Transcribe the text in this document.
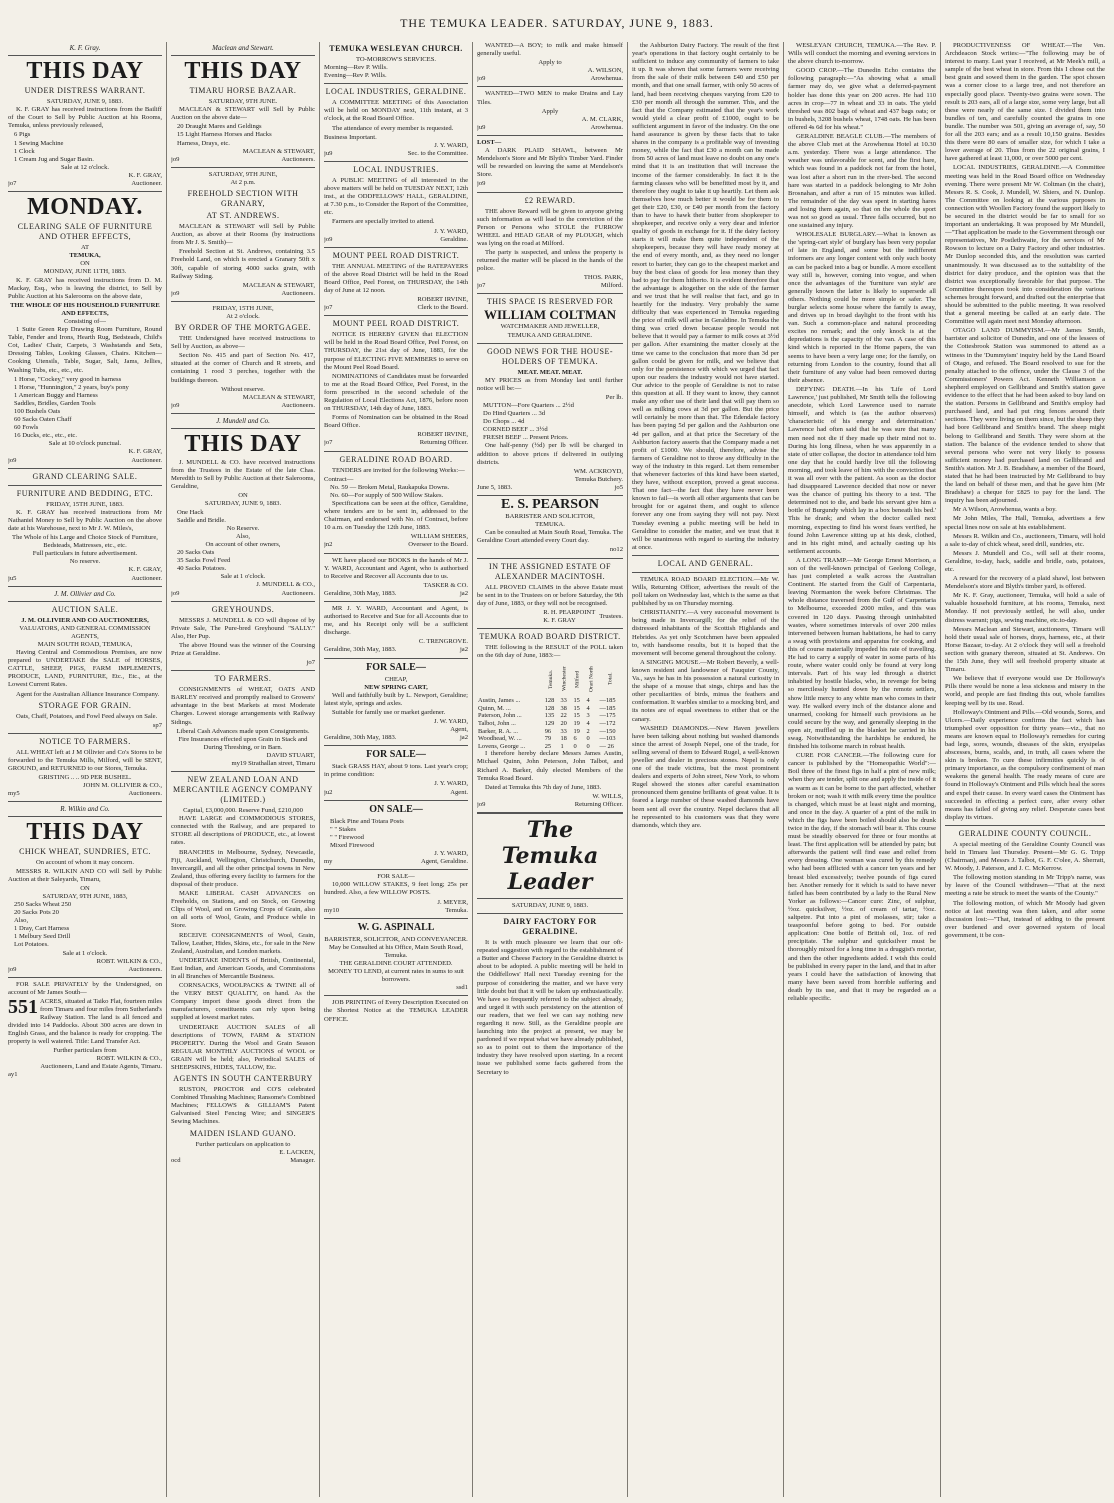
THE TEMUKA LEADER. SATURDAY, JUNE 9, 1883.
K. F. Gray.
THIS DAY
UNDER DISTRESS WARRANT.
SATURDAY, JUNE 9, 1883.

K. F. GRAY has received instructions from the Bailiff of the Court to Sell by Public Auction at his Rooms, Temuka, unless previously released,

6 Pigs
1 Sewing Machine
1 Clock
1 Cream Jug and Sugar Basin.
Sale at 12 o'clock.
K. F. GRAY,
jo7	Auctioneer.
MONDAY.
CLEARING SALE OF FURNITURE AND OTHER EFFECTS,
AT
TEMUKA,
ON
MONDAY, JUNE 11TH, 1883.

K. F. GRAY has received instructions from D. M. Mackay, Esq., who is leaving the district, to Sell by Public Auction at his Salerooms on the above date,

THE WHOLE OF HIS HOUSEHOLD FURNITURE AND EFFECTS,
Consisting of—

1 Suite Green Rep Drawing Room Furniture, Round Table, Fender and Irons, Hearth Rug, Bedsteads, Child's Cot, Ladies' Chair, Carpets, 3 Washstands and Sets, Dressing Tables, Looking Glasses, Chairs. Kitchen—Cooking Utensils, Table, Sugar, Salt, Jams, Jellies, Washing Tubs, etc., etc., etc.

1 Horse, "Cockey," very good in harness
1 Horse, "Hunnington," 2 years, buy's pony
1 American Buggy and Harness
Saddles, Bridles, Garden Tools
100 Bushels Oats
60 Sacks Oaten Chaff
60 Fowls
16 Ducks, etc., etc., etc.
Sale at 10 o'clock punctual.
K. F. GRAY,
jo9	Auctioneer.
GRAND CLEARING SALE.
FURNITURE AND BEDDING, ETC.
FRIDAY, 15TH JUNE, 1883.

K. F. GRAY has received instructions from Mr Nathaniel Money to Sell by Public Auction on the above date at his Warehouse, next to Mr J. W. Miles's,

The Whole of his Large and Choice Stock of Furniture, Bedsteads, Mattresses, etc., etc.
Full particulars in future advertisement.
No reserve.
K. F. GRAY,
ju5	Auctioneer.
J. M. Ollivier and Co.
AUCTION SALE.
J. M. OLLIVIER AND CO AUCTIONEERS,
VALUATORS, AND GENERAL COMMISSION AGENTS,
MAIN SOUTH ROAD, TEMUKA,

Having Central and Commodious Premises, are now prepared to UNDERTAKE the SALE of HORSES, CATTLE, SHEEP, PIGS, FARM IMPLEMENTS, PRODUCE, LAND, FURNITURE, Etc., Etc., at the Lowest Current Rates.

Agent for the Australian Alliance Insurance Company.

STORAGE FOR GRAIN.

Oats, Chaff, Potatoes, and Fowl Feed always on Sale.

sp7
NOTICE TO FARMERS.

ALL WHEAT left at J M Ollivier and Co's Stores to be forwarded to the Temuka Mills, Milford, will be SENT, GROUND, and RETURNED to our Stores, Temuka.

GRISTING .. .. 9D PER BUSHEL.
JOHN M. OLLIVIER & CO.,
my5	Auctioneers.
R. Wilkin and Co.
THIS DAY
CHICK WHEAT, SUNDRIES, ETC.
On account of whom it may concern.

MESSRS R. WILKIN AND CO will Sell by Public Auction at their Saleyards, Timaru,

ON
SATURDAY, 9TH JUNE, 1883,
250 Sacks Wheat 250
20 Sacks Pots 20
Also,
1 Dray, Cart Harness
1 Melbury Seed Drill
Lot Potatoes.
Sale at 1 o'clock.
ROBT. WILKIN & CO.,
jo9	Auctioneers.

FOR SALE PRIVATELY by the Undersigned, on account of Mr James South—

551 ACRES, situated at Taiko Flat, fourteen miles from Timaru and four miles from Sutherland's Railway Station. The land is all fenced and divided into 14 Paddocks. About 300 acres are down in English Grass, and the balance is ready for cropping. The property is well watered. Title: Land Transfer Act.
Further particulars from
ROBT. WILKIN & CO.,
Auctioneers, Land and Estate Agents, Timaru.
ay1
Maclean and Stewart.
THIS DAY
TIMARU HORSE BAZAAR.
SATURDAY, 9TH JUNE.

MACLEAN & STEWART will Sell by Public Auction on the above date—

20 Draught Mares and Geldings
15 Light Harness Horses and Hacks
Harness, Drays, etc.
MACLEAN & STEWART,
jo9	Auctioneers.
SATURDAY, 9TH JUNE,
At 2 p.m.
FREEHOLD SECTION WITH GRANARY,
AT ST. ANDREWS.

MACLEAN & STEWART will Sell by Public Auction, as above at their Rooms (by instructions from Mr J. S. Smith)—

Freehold Section at St. Andrews, containing 3.5 Freehold Land, on which is erected a Granary 50ft x 30ft, capable of storing 4000 sacks grain, with Railway Siding.

MACLEAN & STEWART,
jo9	Auctioneers.
FRIDAY, 15TH JUNE,
At 2 o'clock.
BY ORDER OF THE MORTGAGEE.

THE Undersigned have received instructions to Sell by Auction, as above—

Section No. 415 and part of Section No. 417, situated at the corner of Church and R streets, and containing 1 rood 3 perches, together with the buildings thereon.

Without reserve.
MACLEAN & STEWART,
jo9	Auctioneers.
J. Mundell and Co.
THIS DAY

J. MUNDELL & CO. have received instructions from the Trustees in the Estate of the late Chas. Meredith to Sell by Public Auction at their Salerooms, Geraldine,

ON
SATURDAY, JUNE 9, 1883.
One Hack
Saddle and Bridle.
No Reserve.
Also,
On account of other owners,
20 Sacks Oats
35 Sacks Fowl Feed
40 Sacks Potatoes.
Sale at 1 o'clock.
J. MUNDELL & CO.,
jo9	Auctioneers.
GREYHOUNDS.

MESSRS J. MUNDELL & CO will dispose of by Private Sale, The Pure-bred Greyhound "SALLY." Also, Her Pup.

The above Hound was the winner of the Coursing Prize at Geraldine.

jo7
TO FARMERS.

CONSIGNMENTS of WHEAT, OATS AND BARLEY received and promptly realised to Growers' advantage in the best Markets at most Moderate Charges. Lowest storage arrangements with Railway Sidings.

Liberal Cash Advances made upon Consignments.
Fire Insurances effected upon Grain in Stack and During Threshing, or in Barn.
DAVID STUART,
my19 Strathallan street, Timaru
NEW ZEALAND LOAN AND MERCANTILE AGENCY COMPANY (LIMITED.)
Capital, £3,000,000. Reserve Fund, £210,000

HAVE LARGE and COMMODIOUS STORES, connected with the Railway, and are prepared to STORE all descriptions of PRODUCE, etc., at lowest rates.

BRANCHES in Melbourne, Sydney, Newcastle, Fiji, Auckland, Wellington, Christchurch, Dunedin, Invercargill, and all the other principal towns in New Zealand, thus offering every facility to farmers for the disposal of their produce.

MAKE LIBERAL CASH ADVANCES on Freeholds, on Stations, and on Stock, on Growing Clips of Wool, and on Growing Crops of Grain, also on all sorts of Wool, Grain, and Produce while in Store.

RECEIVE CONSIGNMENTS of Wool, Grain, Tallow, Leather, Hides, Skins, etc., for sale in the New Zealand, Australian, and London markets.

UNDERTAKE INDENTS of British, Continental, East Indian, and American Goods, and Commissions in all Branches of Mercantile Business.

CORNSACKS, WOOLPACKS & TWINE all of the VERY BEST QUALITY, on hand. As the Company import these goods direct from the manufacturers, constituents can rely upon being supplied at lowest market rates.

UNDERTAKE AUCTION SALES of all descriptions of TOWN, FARM & STATION PROPERTY. During the Wool and Grain Season REGULAR MONTHLY AUCTIONS of WOOL or GRAIN will be held; also, Periodical SALES of SHEEPSKINS, HIDES, TALLOW, Etc.

AGENTS IN SOUTH CANTERBURY

RUSTON, PROCTOR and CO'S celebrated Combined Thrashing Machines; Ransome's Combined Machines; FELLOWS & GILLIAM'S Patent Galvanised Steel Fencing Wire; and SINGER'S Sewing Machines.

MAIDEN ISLAND GUANO.
Further particulars on application to
E. LACKEN,
ocd	Manager.
TEMUKA WESLEYAN CHURCH.
TO-MORROW'S SERVICES.
Morning—Rev P. Wills.
Evening—Rev P. Wills.
LOCAL INDUSTRIES, GERALDINE.

A COMMITTEE MEETING of this Association will be held on MONDAY next, 11th instant, at 3 o'clock, at the Road Board Office.

The attendance of every member is requested.

Business Important.
J. Y. WARD,
ju9	Sec. to the Committee.
LOCAL INDUSTRIES.

A PUBLIC MEETING of all interested in the above matters will be held on TUESDAY NEXT, 12th inst., at the ODDFELLOWS' HALL, GERALDINE, at 7.30 p.m., to Consider the Report of the Committee, etc.

Farmers are specially invited to attend.

J. Y. WARD,
jo9	Geraldine.
MOUNT PEEL ROAD DISTRICT.

THE ANNUAL MEETING of the RATEPAYERS of the above Road District will be held in the Road Board Office, Peel Forest, on THURSDAY, the 14th day of June at 12 noon.

ROBERT IRVINE,
jo7	Clerk to the Board.
MOUNT PEEL ROAD DISTRICT.

NOTICE IS HEREBY GIVEN that ELECTION will be held in the Road Board Office, Peel Forest, on THURSDAY, the 21st day of June, 1883, for the purpose of ELECTING FIVE MEMBERS to serve on the Mount Peel Road Board.

NOMINATIONS of Candidates must be forwarded to me at the Road Board Office, Peel Forest, in the form prescribed in the second schedule of the Regulation of Local Elections Act, 1876, before noon on THURSDAY, 14th day of June, 1883.

Forms of Nomination can be obtained in the Road Board Office.

ROBERT IRVINE,
jo7	Returning Officer.
GERALDINE ROAD BOARD.

TENDERS are invited for the following Works:—

Contract—
No. 59 — Broken Metal, Raukapuka Downs.
No. 60—For supply of 500 Willow Stakes.

Specifications can be seen at the office, Geraldine, where tenders are to be sent in, addressed to the Chairman, and endorsed with No. of Contract, before 10 a.m. on Tuesday the 12th June, 1883.

WILLIAM SHEERS,
jn2	Overseer to the Board.

WE have placed our BOOKS in the hands of Mr J. Y. WARD, Accountant and Agent, who is authorised to Receive and Recover all Accounts due to us.

TASKER & CO.
Geraldine, 30th May, 1883.	ja2

MR J. Y. WARD, Accountant and Agent, is authorised to Receive and Sue for all Accounts due to me, and his Receipt only will be a sufficient discharge.

C. TRENGROVE.
Geraldine, 30th May, 1883.	ja2
FOR SALE—
CHEAP,
NEW SPRING CART,

Well and faithfully built by L. Newport, Geraldine; latest style, springs and axles.

Suitable for family use or market gardener.

J. W. YARD,
Agent,
Geraldine, 30th May, 1883.	ja2
FOR SALE—

Stack GRASS HAY, about 9 tons. Last year's crop; in prime condition:

J. Y. WARD,
ju2	Agent.
ON SALE—
Black Pine and Totara Posts
" " Stakes
" " Firewood
Mixed Firewood
J. Y. WARD,
my	Agent, Geraldine.
FOR SALE—

10,000 WILLOW STAKES, 9 feet long; 25s per hundred. Also, a few WILLOW POSTS.

J. MEYER,
my10	Temuka.
W. G. ASPINALL
BARRISTER, SOLICITOR, AND CONVEYANCER.
May be Consulted at his Office, Main South Road, Temuka.
THE GERALDINE COURT ATTENDED.
MONEY TO LEND, at current rates in sums to suit borrowers.
ssd1

JOB PRINTING of Every Description Executed on the Shortest Notice at the TEMUKA LEADER OFFICE.

WANTED—A BOY; to milk and make himself generally useful.

Apply to
A. WILSON,
jo9	Arowhenua.

WANTED—TWO MEN to make Drains and Lay Tiles.

Apply
A. M. CLARK,
ju9	Arowhenua.
LOST—

A DARK PLAID SHAWL, between Mr Mendelson's Store and Mr Blyth's Timber Yard. Finder will be rewarded on leaving the same at Mendelson's Store.

jo9
£2 REWARD.

THE above Reward will be given to anyone giving such information as will lead to the conviction of the Person or Persons who STOLE the FURROW WHEEL and HEAD GEAR of my PLOUGH, which was lying on the road at Milford.

The party is suspected, and unless the property is returned the matter will be placed in the hands of the police.

THOS. PARK,
jo7	Milford.
THIS SPACE IS RESERVED FOR
WILLIAM COLTMAN
WATCHMAKER AND JEWELLER,
TEMUKA AND GERALDINE.
GOOD NEWS FOR THE HOUSE-HOLDERS OF TEMUKA.
MEAT. MEAT. MEAT.

MY PRICES as from Monday last until further notice will be:—

Per lb.
MUTTON—Fore Quarters ... 2½d
Do Hind Quarters ... 3d
Do Chops ... 4d
CORNED BEEF ... 3½d
FRESH BEEF ... Present Prices.

One half-penny (½d) per lb will be charged in addition to above prices if delivered in outlying districts.

WM. ACKROYD,
Temuka Butchery.
June 5, 1883.	jo5
E. S. PEARSON
BARRISTER AND SOLICITOR,
TEMUKA.

Can be consulted at Main South Road, Temuka. The Geraldine Court attended every Court day.

no12
IN THE ASSIGNED ESTATE OF ALEXANDER MACINTOSH.

ALL PROVED CLAIMS in the above Estate must be sent in to the Trustees on or before Saturday, the 9th day of June, 1883, or they will not be recognised.

R. H. PEARPOINT
K. F. GRAY
Trustees.
TEMUKA ROAD BOARD DISTRICT.

THE following is the RESULT of the POLL taken on the 6th day of June, 1883:—

	Temuka.	Winchester	Milford	Orari North	Total.
Austin, James ...	128	33	15	4	—185
Quinn, M. ...	128	38	15	4	—185
Paterson, John ...	135	22	15	3	—175
Talbot, John ...	129	20	19	4	—172
Barker, R. A. ...	96	33	19	2	—150
Woodhead, W. ...	79	18	6	0	—103
Lovens, George ...	25	1	0	0	— 26

I therefore hereby declare Messrs James Austin, Michael Quinn, John Peterson, John Talbot, and Richard A. Barker, duly elected Members of the Temuka Road Board.

Dated at Temuka this 7th day of June, 1883.

W. WILLS,
jo9	Returning Officer.
The Temuka Leader
SATURDAY, JUNE 9, 1883.
DAIRY FACTORY FOR GERALDINE.

It is with much pleasure we learn that our oft-repeated suggestion with regard to the establishment of a Butter and Cheese Factory in the Geraldine district is about to be adopted. A public meeting will be held in the Oddfellows' Hall next Tuesday evening for the purpose of considering the matter, and we have very little doubt but that it will be taken up enthusiastically. We have so frequently referred to the subject already, and urged it with such persistency on the attention of our readers, that we feel we can say nothing new regarding it now. Still, as the Geraldine people are launching into the project at present, we may be pardoned if we repeat what we have already published, so as to point out to them the importance of the industry they have resolved upon starting. In a recent issue we published some facts gathered from the Secretary to

the Ashburton Dairy Factory. The result of the first year's operations in that factory ought certainly to be sufficient to induce any community of farmers to take it up. It was shown that some farmers were receiving from the sale of their milk between £40 and £50 per month, and that one small farmer, with only 50 acres of land, had been receiving cheques varying from £20 to £30 per month all through the summer. This, and the fact that the Company estimated that the year's work would yield a clear profit of £1000, ought to be sufficient argument in favor of the industry. On the one hand assurance is given by these facts that to take shares in the company is a profitable way of investing money, while the fact that £30 a month can be made from 50 acres of land must leave no doubt on any one's mind that it is an institution that will increase the income of the farmer considerably. In fact it is the farming classes who will be benefitted most by it, and therefore they ought to take it up heartily. Let them ask themselves how much better it would be for them to get their £20, £30, or £40 per month from the factory than to have to hawk their butter from shopkeeper to shopkeeper, and receive only a very dear and inferior quality of goods in exchange for it. If the dairy factory starts it will make them quite independent of the shopkeepers, because they will have ready money at the end of every month, and, as they need no longer resort to barter, they can go to the cheapest market and buy the best class of goods for less money than they had to pay for them hitherto. It is evident therefore that the advantage is altogether on the side of the farmer and we trust that he will realise that fact, and go in heartily for the industry. Very probably the same difficulty that was experienced in Temuka regarding the price of milk will arise in Geraldine. In Temuka the thing was cried down because people would not believe that it would pay a farmer to milk cows at 3½d per gallon. After examining the matter closely at the time we came to the conclusion that more than 3d per gallon could be given for milk, and we believe that only for the persistence with which we urged that fact upon our readers the industry would not have started. Our advice to the people of Geraldine is not to raise this question at all. If they want to know, they cannot make any other use of their land that will pay them so well as milking cows at 3d per gallon. But the price will certainly be more than that. The Edendale factory has been paying 5d per gallon and the Ashburton one 4d per gallon, and at that price the Secretary of the Ashburton factory asserts that the Company made a net profit of £1000. We should, therefore, advise the farmers of Geraldine not to throw any difficulty in the way of the industry in this regard. Let them remember that whenever factories of this kind have been started, they have, without exception, proved a great success. That one fact—the fact that they have never been known to fail—is worth all other arguments that can be brought for or against them, and ought to silence forever any one from saying they will not pay. Next Tuesday evening a public meeting will be held in Geraldine to consider the matter, and we trust that it will be unanimous with regard to starting the industry at once.

LOCAL AND GENERAL.

TEMUKA ROAD BOARD ELECTION.—Mr W. Wills, Returning Officer, advertises the result of the poll taken on Wednesday last, which is the same as that published by us on Thursday morning.

CHRISTIANITY.—A very successful movement is being made in Invercargill; for the relief of the distressed inhabitants of the Scottish Highlands and Hebrides. As yet only Scotchmen have been appealed to, with handsome results, but it is hoped that the movement will become general throughout the colony.

A SINGING MOUSE.—Mr Robert Beverly, a well-known resident and landowner of Fauquier County, Va., says he has in his possession a natural curiosity in the shape of a mouse that sings, chirps and has the other peculiarities of birds, minus the feathers and conformation. It warbles similar to a mocking bird, and its notes are of equal sweetness to either that or the canary.

WASHED DIAMONDS.—New Haven jewellers have been talking about nothing but washed diamonds since the arrest of Joseph Nepel, one of the trade, for selling several of them to Edward Rugel, a well-known jeweller and dealer in precious stones. Nepel is only one of the trade victims, but the most prominent dealers and experts of John street, New York, to whom Rugel showed the stones after careful examination pronounced them genuine brilliants of great value. It is feared a large number of these washed diamonds have been sent all over the country. Nepel declares that all he represented to his customers was that they were diamonds, which they are.

WESLEYAN CHURCH, TEMUKA.—The Rev. P. Wills will conduct the morning and evening services in the above church to-morrow.

GOOD CROP.—The Dunedin Echo contains the following paragraph:—"As showing what a small farmer may do, we give what a deferred-payment holder has done this year on 200 acres. He had 110 acres in crop—77 in wheat and 33 in oats. The yield threshed was 802 bags of wheat and 437 bags oats; or in bushels, 3208 bushels wheat, 1748 oats. He has been offered 4s 6d for his wheat."

GERALDINE BEAGLE CLUB.—The members of the above Club met at the Arowhenua Hotel at 10.30 a.m. yesterday. There was a large attendance. The weather was unfavorable for scent, and the first hare, which was found in a paddock not far from the hotel, was lost after a short run in the river-bed. The second hare was started in a paddock belonging to Mr John Brosnahan, and after a run of 15 minutes was killed. The remainder of the day was spent in starting hares and losing them again, so that on the whole the sport was not so good as usual. Three falls occurred, but no one sustained any injury.

WHOLESALE BURGLARY.—What is known as the 'spring-cart style' of burglary has been very popular of late in England, and some but the indifferent informers are any longer content with only such booty as can be packed into a bag or bundle. A more excellent way still is, however, coming into vogue, and when once the advantages of the 'furniture van style' are generally known the latter is likely to supersede all others. Nothing could be more simple or safer. The burglar selects some house where the family is away, and drives up in broad daylight to the front with his van. Such a common-place and natural proceeding excites no remark; and the only knock is at the depredations is the capacity of the van. A case of this kind which is reported in the Home papers, the van seems to have been a very large one; for the family, on returning from London to the country, found that all their furniture of any value had been removed during their absence.

DEFYING DEATH.—In his 'Life of Lord Lawrence,' just published, Mr Smith tells the following anecdote, which Lord Lawrence used to narrate himself, and which is (as the author observes) 'characteristic of his energy and determination.' Lawrence had often said that he was sure that many men need not die if they made up their mind not to. During his long illness, when he was apparently in a state of utter collapse, the doctor in attendance told him one day that he could hardly live till the following morning, and took leave of him with the conviction that it was all over with the patient. As soon as the doctor had disappeared Lawrence decided that now or never was the chance of putting his theory to a test. 'The determined not to die, and bade his servant give him a bottle of Burgundy which lay in a box beneath his bed.' This he drank; and when the doctor called next morning, expecting to find his worst fears verified, he found John Lawrence sitting up at his desk, clothed, and in his right mind, and actually casting up his settlement accounts.

A LONG TRAMP.—Mr George Ernest Morrison, a son of the well-known principal of Geelong College, has just completed a walk across the Australian Continent. He started from the Gulf of Carpentaria, leaving Normanton the week before Christmas. The whole distance traversed from the Gulf of Carpentaria to Melbourne, exceeded 2000 miles, and this was covered in 120 days. Passing through uninhabited wastes, where sometimes intervals of over 200 miles intervened between human habitations, he had to carry a swag with provisions and apparatus for cooking, and this of course materially impeded his rate of travelling. He had to carry a supply of water in some parts of his route, where water could only be found at very long intervals. Part of his way led through a district inhabited by hostile blacks, who, in revenge for being so mercilessly hunted down by the remote settlers, show little mercy to any white man who comes in their way. He walked every inch of the distance alone and unarmed, cooking for himself such provisions as he could secure by the way, and generally sleeping in the open air, muffled up in the blanket he carried in his swag. Notwithstanding the hardships he endured, he finished his toilsome march in robust health.

CURE FOR CANCER.—The following cure for cancer is published by the "Homeopathic World":—Boil three of the finest figs in half a pint of new milk; when they are tender, split one and apply the inside of it as warm as it can be borne to the part affected, whether broken or not; wash it with milk every time the poultice is changed, which must be at least night and morning, and once in the day. A quarter of a pint of the milk in which the figs have been boiled should also be drunk twice in the day, if the stomach will bear it. This course must be steadily observed for three or four months at least. The first application will be attended by pain; but afterwards the patient will find ease and relief from every dressing. One woman was cured by this remedy who had been afflicted with a cancer ten years and her breast bled excessively; twelve pounds of figs cured her. Another remedy for it which is said to have never failed has been contributed by a lady to the Rural New Yorker as follows:—Cancer cure: Zinc, of sulphur, ½oz. quicksilver, ½oz. of cream of tartar, ½oz. saltpetre. Put into a pint of molasses, stir; take a teaspoonful before going to bed. For outside application: One bottle of British oil, 1oz. of red precipitate. The sulphur and quicksilver must be thoroughly mixed for a long time in a druggist's mortar, and then the other ingredients added. I wish this could be published in every paper in the land, and that in after years I could have the satisfaction of knowing that many have been saved from horrible suffering and death by its use, and that it may be regarded as a reliable specific.

PRODUCTIVENESS OF WHEAT.—The Ven. Archdeacon Stock writes:—"The following may be of interest to many. Last year I received, at Mr Meek's mill, a sample of the best wheat in store. From this I chose out the best grain and sowed them in the garden. The spot chosen was a corner close to a large tree, and not therefore an especially good place. Twenty-two grains were sown. The result is 203 ears, all of a large size, some very large, but all these were nearly of the same size. I divided them into bundles of ten, and carefully counted the grains in one bundle. The number was 501, giving an average of, say, 50 for all the 203 ears; and as a result 10,150 grains. Besides this there were 80 ears of smaller size, for which I take a lower average of 20. Thus from the 22 original grains, I have gathered at least 11,000, or over 5000 per cent.

LOCAL INDUSTRIES, GERALDINE.—A Committee meeting was held in the Road Board office on Wednesday evening. There were present Mr W. Coltman (in the chair), Messrs R. S. Cook, J. Mundell, W. Shiers, and N. Dunlop. The Committee on looking at the various purposes in connection with Woollen Factory found the support likely to be secured in the district would be far to small for so important an undertaking. It was proposed by Mr Mundell,—"That application be made to the Government through our representatives, Mr Postlethwaite, for the services of Mr Rowson to lecture on a Dairy Factory and other industries. Mr Dunlop seconded this, and the resolution was carried unanimously. It was discussed as to the suitability of the district for dairy produce, and the opinion was that the district was exceptionally favorable for that purpose. The Committee thereupon took into consideration the various schemes brought forward, and drafted out the enterprise that should be submitted to the public meeting. It was resolved that a general meeting be called at an early date. The Committee will again meet next Monday afternoon.

OTAGO LAND DUMMYISM.—Mr James Smith, barrister and solicitor of Dunedin, and one of the lessees of the Cottesbrook Station was summoned to attend as a witness in the 'Dummyism' inquiry held by the Land Board of Otago, and refused. The Board resolved to sue for the penalty attached to the offence, under the Clause 3 of the Commissioners' Powers Act. Kenneth Williamson a shepherd employed on Gellibrand and Smith's station gave evidence to the effect that he had been asked to buy land on the station. Persons in Gellibrand and Smith's employ had purchased land, and had put ring fences around their sections. They were living on them since, but the sheep they had bore Gellibrand and Smith's brand. The sheep might belong to Gellibrand and Smith. They were shorn at the station. The balance of the evidence tended to show that several persons who were not very likely to possess sufficient money had purchased land on Gellibrand and Smith's station. Mr J. B. Bradshaw, a member of the Board, stated that he had been instructed by Mr Gellibrand to buy the land on behalf of these men, and that he gave him (Mr Bradshaw) a cheque for £825 to pay for the land. The inquiry has been adjourned.

Mr A Wilson, Arowhenua, wants a boy.

Mr John Miles, The Hall, Temuka, advertises a few special lines now on sale at his establishment.

Messrs R. Wilkin and Co., auctioneers, Timaru, will hold a sale to-day of chick wheat, seed drill, sundries, etc.

Messrs J. Mundell and Co., will sell at their rooms, Geraldine, to-day, hack, saddle and bridle, oats, potatoes, etc.

A reward for the recovery of a plaid shawl, lost between Mendelson's store and Blyth's timber yard, is offered.

Mr K. F. Gray, auctioneer, Temuka, will hold a sale of valuable household furniture, at his rooms, Temuka, next Monday. If not previously settled, he will also, under distress warrant; pigs, sewing machine, etc.to-day.

Messrs Maclean and Stewart, auctioneers, Timaru will hold their usual sale of horses, drays, harness, etc., at their Horse Bazaar, to-day. At 2 o'clock they will sell a freehold section with granary thereon, situated at St. Andrews. On the 15th June, they will sell freehold property situate at Timaru.

We believe that if everyone would use Dr Holloway's Pills there would be none a less sickness and misery in the world, and people are fast finding this out, whole families keeping well by its use. Read.

Holloway's Ointment and Pills.—Old wounds, Sores, and Ulcers.—Daily experience confirms the fact which has triumphed over opposition for thirty years—viz., that no means are known equal to Holloway's remedies for curing bad legs, sores, wounds, diseases of the skin, erysipelas abscesses, burns, scalds, and, in truth, all cases where the skin is broken. To cure these infirmities quickly is of primary importance, as the compulsory confinement of man weakens the general health. The ready means of cure are found in Holloway's Ointment and Pills which heal the sores and expel their cause. In every ward cases the Ointment has succeeded in effecting a perfect cure, after every other means has failed of giving any relief. Desperate cases best display its virtues.

GERALDINE COUNTY COUNCIL.

A special meeting of the Geraldine County Council was held in Timaru last Thursday. Present—Mr G. G. Tripp (Chairman), and Messrs J. Talbot, G. F. C'olee, A. Sherratt, W. Moody, J. Paterson, and J. C. McKerrow.

The following motion standing in Mr Tripp's name, was by leave of the Council withdrawn—"That at the next meeting a rate be struck to meet the wants of the County."

The following motion, of which Mr Moody had given notice at last meeting was then taken, and after some discussion lost:—"That, instead of adding to the present over burdened and over governed system of local government, it be con-
